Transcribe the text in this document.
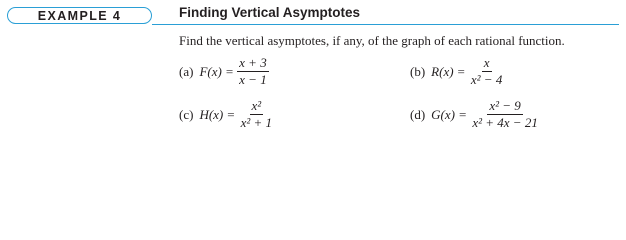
EXAMPLE 4	Finding Vertical Asymptotes
Find the vertical asymptotes, if any, of the graph of each rational function.
(a) $F(x) = \frac{x + 3}{x - 1}$	(b) $R(x) = \frac{x}{\text{x² − 4}}$
(c) $H(x) = \frac{\text{x²}}{\text{x² + 1}}$	(d) $G(x) = \frac{\text{x² − 9}}{\text{x² + 4x − 21}}$
